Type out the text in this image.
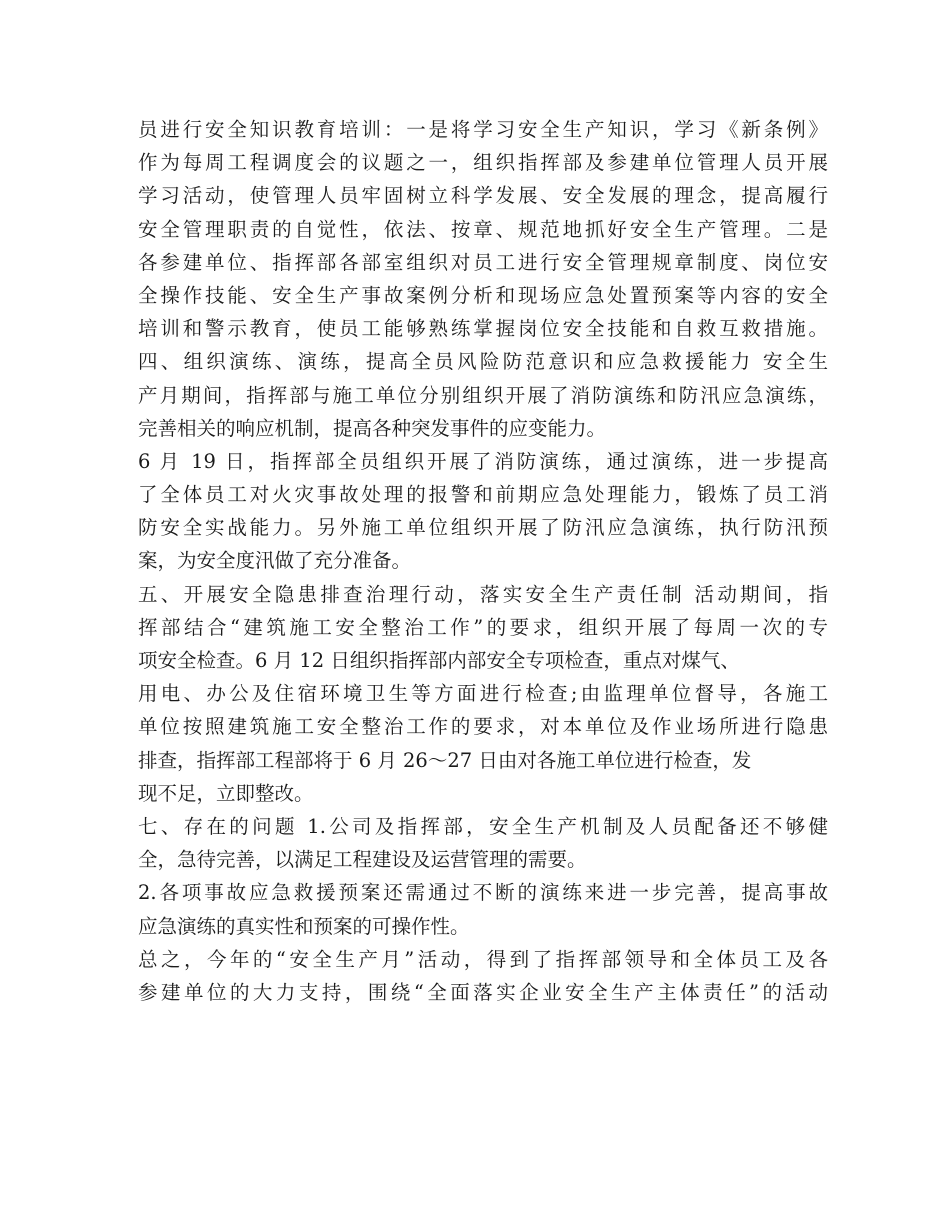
员进行安全知识教育培训：一是将学习安全生产知识，学习《新条例》
作为每周工程调度会的议题之一，组织指挥部及参建单位管理人员开展
学习活动，使管理人员牢固树立科学发展、安全发展的理念，提高履行
安全管理职责的自觉性，依法、按章、规范地抓好安全生产管理。二是
各参建单位、指挥部各部室组织对员工进行安全管理规章制度、岗位安
全操作技能、安全生产事故案例分析和现场应急处置预案等内容的安全
培训和警示教育，使员工能够熟练掌握岗位安全技能和自救互救措施。
四、组织演练、演练，提高全员风险防范意识和应急救援能力 安全生
产月期间，指挥部与施工单位分别组织开展了消防演练和防汛应急演练，
完善相关的响应机制，提高各种突发事件的应变能力。
6 月 19 日，指挥部全员组织开展了消防演练，通过演练，进一步提高
了全体员工对火灾事故处理的报警和前期应急处理能力，锻炼了员工消
防安全实战能力。另外施工单位组织开展了防汛应急演练，执行防汛预
案，为安全度汛做了充分准备。
五、开展安全隐患排查治理行动，落实安全生产责任制 活动期间，指
挥部结合“建筑施工安全整治工作”的要求，组织开展了每周一次的专
项安全检查。6 月 12 日组织指挥部内部安全专项检查，重点对煤气、
用电、办公及住宿环境卫生等方面进行检查;由监理单位督导，各施工
单位按照建筑施工安全整治工作的要求，对本单位及作业场所进行隐患
排查，指挥部工程部将于 6 月 26～27 日由对各施工单位进行检查，发
现不足，立即整改。
七、存在的问题 1.公司及指挥部，安全生产机制及人员配备还不够健
全，急待完善，以满足工程建设及运营管理的需要。
2.各项事故应急救援预案还需通过不断的演练来进一步完善，提高事故
应急演练的真实性和预案的可操作性。
总之，今年的“安全生产月”活动，得到了指挥部领导和全体员工及各
参建单位的大力支持，围绕“全面落实企业安全生产主体责任”的活动
